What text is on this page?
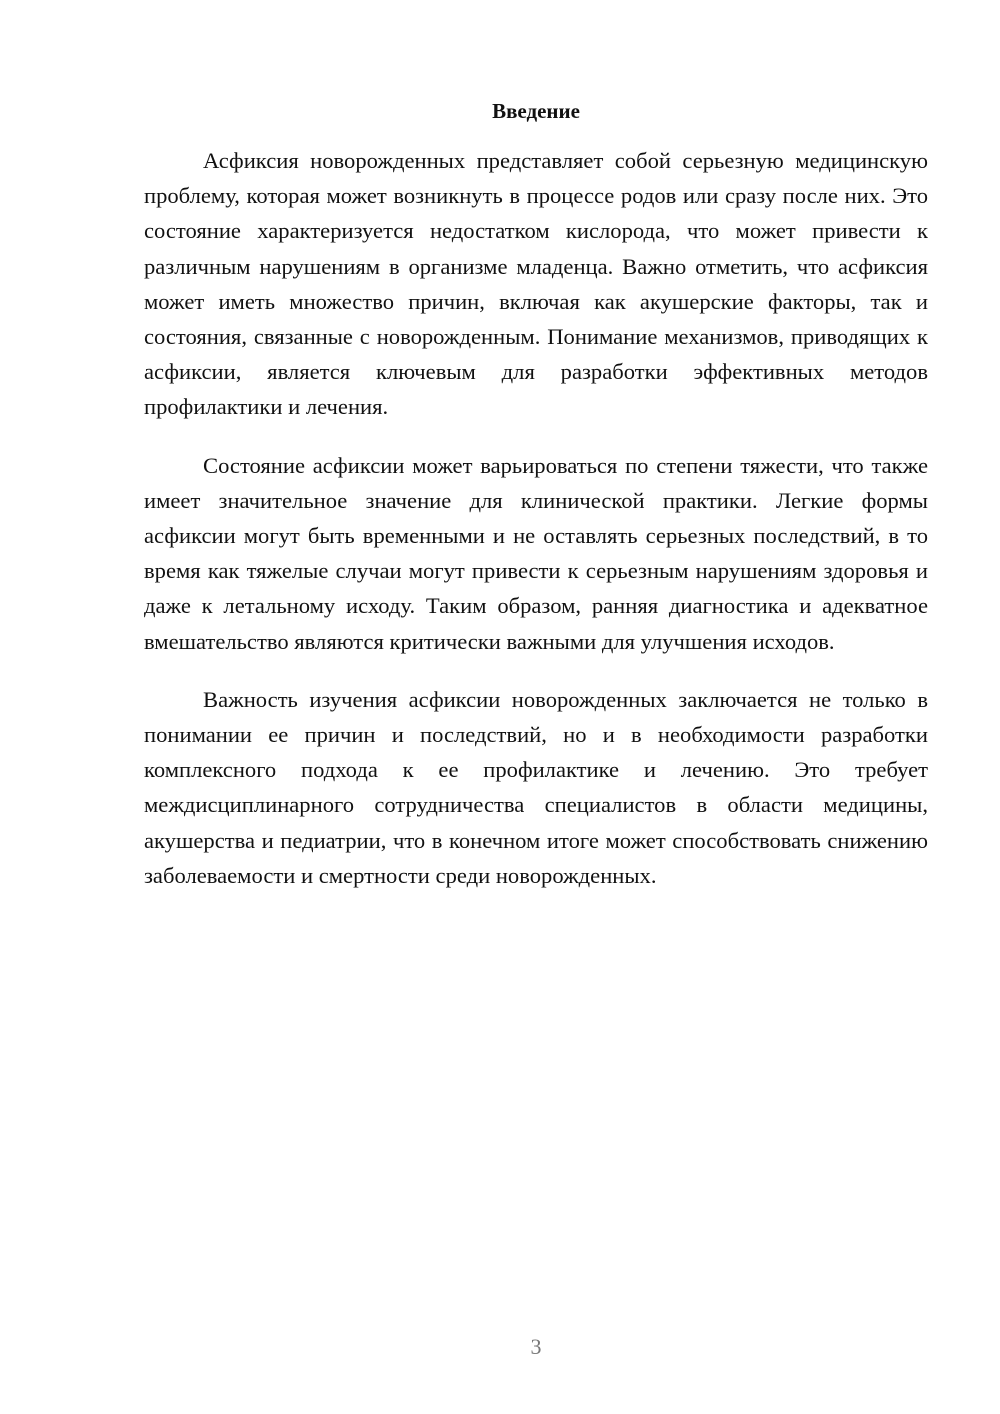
Введение

Асфиксия новорожденных представляет собой серьезную медицинскую проблему, которая может возникнуть в процессе родов или сразу после них. Это состояние характеризуется недостатком кислорода, что может привести к различным нарушениям в организме младенца. Важно отметить, что асфиксия может иметь множество причин, включая как акушерские факторы, так и состояния, связанные с новорожденным. Понимание механизмов, приводящих к асфиксии, является ключевым для разработки эффективных методов профилактики и лечения.

Состояние асфиксии может варьироваться по степени тяжести, что также имеет значительное значение для клинической практики. Легкие формы асфиксии могут быть временными и не оставлять серьезных последствий, в то время как тяжелые случаи могут привести к серьезным нарушениям здоровья и даже к летальному исходу. Таким образом, ранняя диагностика и адекватное вмешательство являются критически важными для улучшения исходов.

Важность изучения асфиксии новорожденных заключается не только в понимании ее причин и последствий, но и в необходимости разработки комплексного подхода к ее профилактике и лечению. Это требует междисциплинарного сотрудничества специалистов в области медицины, акушерства и педиатрии, что в конечном итоге может способствовать снижению заболеваемости и смертности среди новорожденных.

3
